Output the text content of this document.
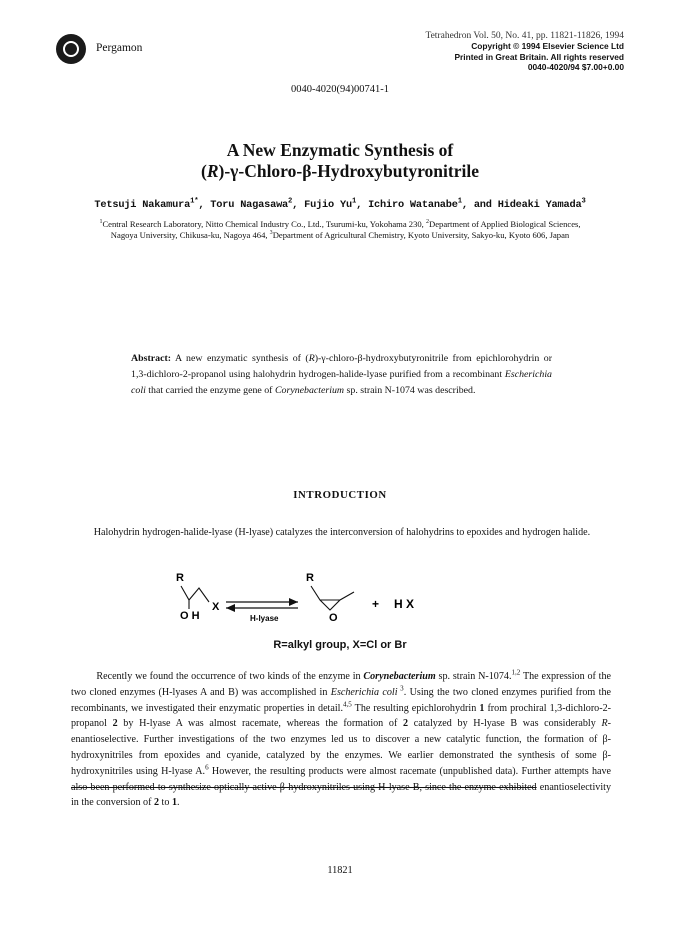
Pergamon
Tetrahedron Vol. 50, No. 41, pp. 11821-11826, 1994
Copyright © 1994 Elsevier Science Ltd
Printed in Great Britain. All rights reserved
0040-4020/94 $7.00+0.00
0040-4020(94)00741-1
A New Enzymatic Synthesis of
(R)-γ-Chloro-β-Hydroxybutyronitrile
Tetsuji Nakamura$^{1*}$, Toru Nagasawa$^2$, Fujio Yu$^1$, Ichiro Watanabe$^1$, and Hideaki Yamada$^3$
$^1$Central Research Laboratory, Nitto Chemical Industry Co., Ltd., Tsurumi-ku, Yokohama 230, $^2$Department of Applied Biological Sciences, Nagoya University, Chikusa-ku, Nagoya 464, $^3$Department of Agricultural Chemistry, Kyoto University, Sakyo-ku, Kyoto 606, Japan
Abstract: A new enzymatic synthesis of (R)-γ-chloro-β-hydroxybutyronitrile from epichlorohydrin or 1,3-dichloro-2-propanol using halohydrin hydrogen-halide-lyase purified from a recombinant Escherichia coli that carried the enzyme gene of Corynebacterium sp. strain N-1074 was described.
INTRODUCTION
Halohydrin hydrogen-halide-lyase (H-lyase) catalyzes the interconversion of halohydrins to epoxides and hydrogen halide.
R
O H
X
H-lyase
R
O
+ H X
R=alkyl group, X=Cl or Br
Recently we found the occurrence of two kinds of the enzyme in Corynebacterium sp. strain N-1074.$^{1,2}$ The expression of the two cloned enzymes (H-lyases A and B) was accomplished in Escherichia coli $^3$. Using the two cloned enzymes purified from the recombinants, we investigated their enzymatic properties in detail.$^{4,5}$ The resulting epichlorohydrin 1 from prochiral 1,3-dichloro-2-propanol 2 by H-lyase A was almost racemate, whereas the formation of 2 catalyzed by H-lyase B was considerably R-enantioselective. Further investigations of the two enzymes led us to discover a new catalytic function, the formation of β-hydroxynitriles from epoxides and cyanide, catalyzed by the enzymes. We earlier demonstrated the synthesis of some β-hydroxynitriles using H-lyase A.$^6$ However, the resulting products were almost racemate (unpublished data). Further attempts have also been performed to synthesize optically active β-hydroxynitriles using H-lyase B, since the enzyme exhibited enantioselectivity in the conversion of 2 to 1.
11821
